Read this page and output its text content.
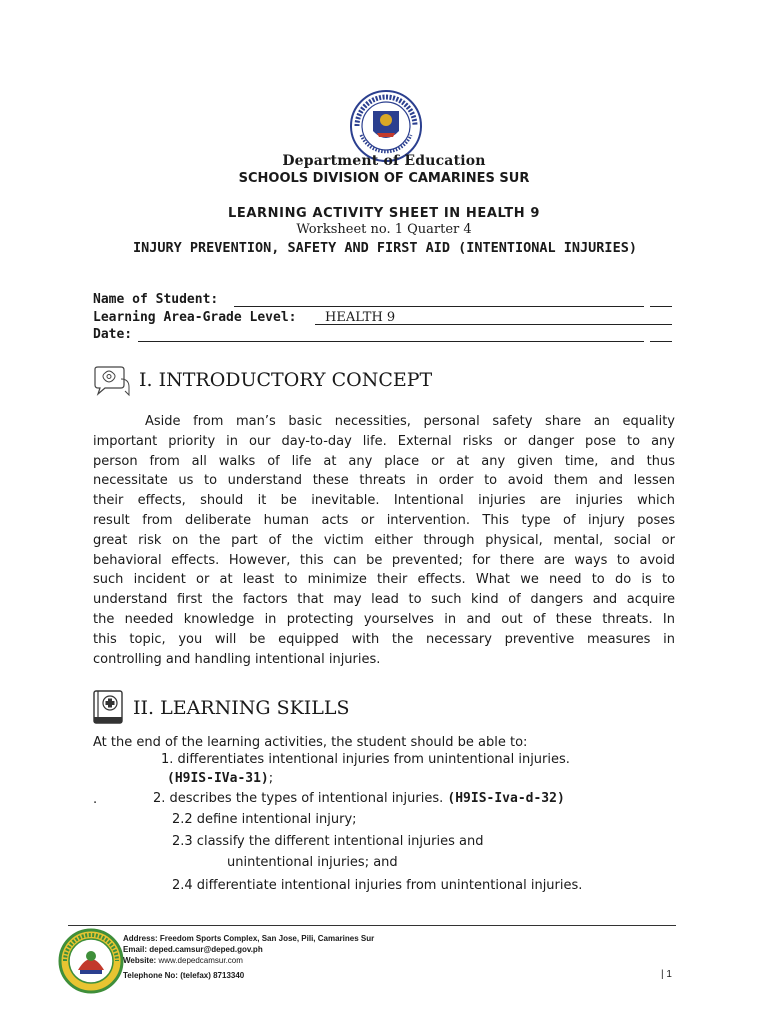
Department of Education
SCHOOLS DIVISION OF CAMARINES SUR
LEARNING ACTIVITY SHEET IN HEALTH 9
Worksheet no. 1 Quarter 4
INJURY PREVENTION, SAFETY AND FIRST AID (INTENTIONAL INJURIES)
Name of Student:
Learning Area-Grade Level: HEALTH 9
Date:
I. INTRODUCTORY CONCEPT
Aside from man’s basic necessities, personal safety share an equality
important priority in our day-to-day life. External risks or danger pose to any
person from all walks of life at any place or at any given time, and thus
necessitate us to understand these threats in order to avoid them and lessen
their effects, should it be inevitable. Intentional injuries are injuries which
result from deliberate human acts or intervention. This type of injury poses
great risk on the part of the victim either through physical, mental, social or
behavioral effects. However, this can be prevented; for there are ways to avoid
such incident or at least to minimize their effects. What we need to do is to
understand first the factors that may lead to such kind of dangers and acquire
the needed knowledge in protecting yourselves in and out of these threats. In
this topic, you will be equipped with the necessary preventive measures in
controlling and handling intentional injuries.
II. LEARNING SKILLS
At the end of the learning activities, the student should be able to:
1. differentiates intentional injuries from unintentional injuries.
(H9IS-IVa-31);
.	2. describes the types of intentional injuries. (H9IS-Iva-d-32)
2.2 define intentional injury;
2.3 classify the different intentional injuries and
unintentional injuries; and
2.4 differentiate intentional injuries from unintentional injuries.
Address: Freedom Sports Complex, San Jose, Pili, Camarines Sur
Email: deped.camsur@deped.gov.ph
Website: www.depedcamsur.com
Telephone No: (telefax) 8713340	| 1
